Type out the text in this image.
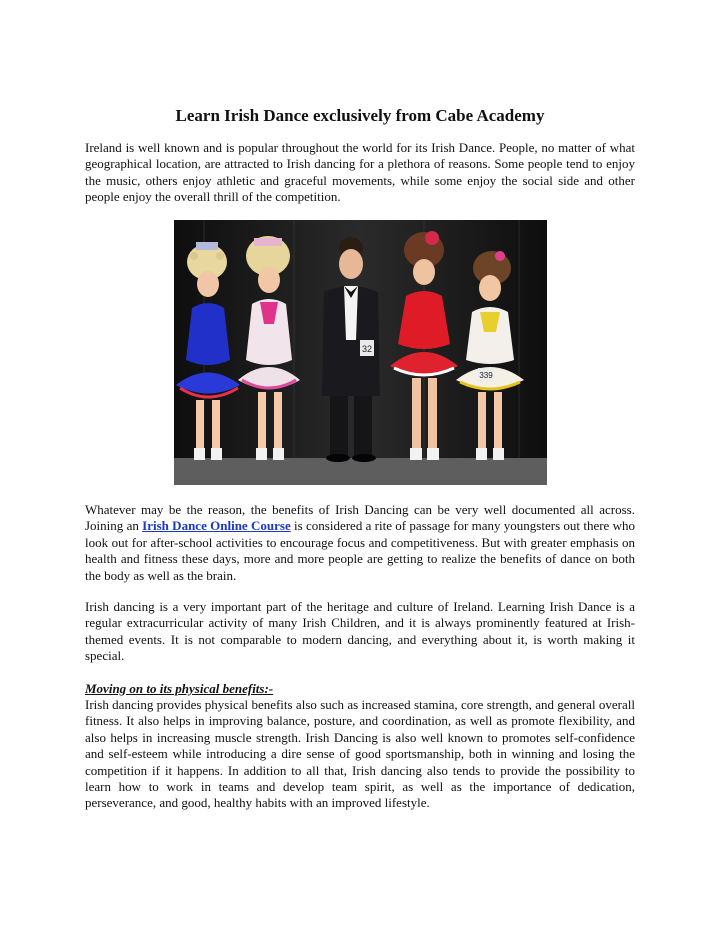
Learn Irish Dance exclusively from Cabe Academy

Ireland is well known and is popular throughout the world for its Irish Dance. People, no matter of what geographical location, are attracted to Irish dancing for a plethora of reasons. Some people tend to enjoy the music, others enjoy athletic and graceful movements, while some enjoy the social side and other people enjoy the overall thrill of the competition.

32
339

Whatever may be the reason, the benefits of Irish Dancing can be very well documented all across. Joining an Irish Dance Online Course is considered a rite of passage for many youngsters out there who look out for after-school activities to encourage focus and competitiveness. But with greater emphasis on health and fitness these days, more and more people are getting to realize the benefits of dance on both the body as well as the brain.

Irish dancing is a very important part of the heritage and culture of Ireland. Learning Irish Dance is a regular extracurricular activity of many Irish Children, and it is always prominently featured at Irish-themed events. It is not comparable to modern dancing, and everything about it, is worth making it special.

Moving on to its physical benefits:-

Irish dancing provides physical benefits also such as increased stamina, core strength, and general overall fitness. It also helps in improving balance, posture, and coordination, as well as promote flexibility, and also helps in increasing muscle strength. Irish Dancing is also well known to promotes self-confidence and self-esteem while introducing a dire sense of good sportsmanship, both in winning and losing the competition if it happens. In addition to all that, Irish dancing also tends to provide the possibility to learn how to work in teams and develop team spirit, as well as the importance of dedication, perseverance, and good, healthy habits with an improved lifestyle.
